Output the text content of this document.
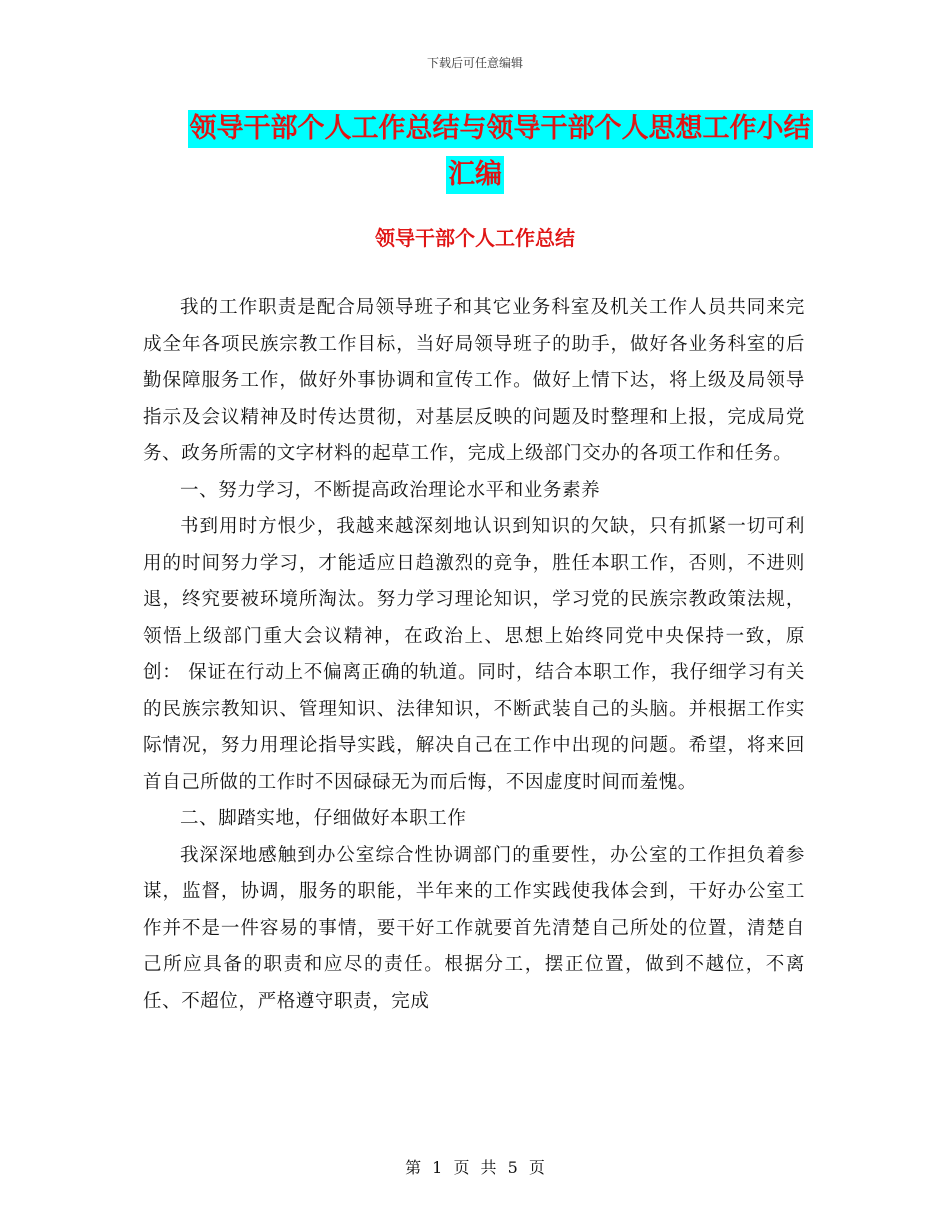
下载后可任意编辑
领导干部个人工作总结与领导干部个人思想工作小结
汇编
领导干部个人工作总结

我的工作职责是配合局领导班子和其它业务科室及机关工作人员共同来完成全年各项民族宗教工作目标，当好局领导班子的助手，做好各业务科室的后勤保障服务工作，做好外事协调和宣传工作。做好上情下达，将上级及局领导指示及会议精神及时传达贯彻，对基层反映的问题及时整理和上报，完成局党务、政务所需的文字材料的起草工作，完成上级部门交办的各项工作和任务。

一、努力学习，不断提高政治理论水平和业务素养

书到用时方恨少，我越来越深刻地认识到知识的欠缺，只有抓紧一切可利用的时间努力学习，才能适应日趋激烈的竞争，胜任本职工作，否则，不进则退，终究要被环境所淘汰。努力学习理论知识，学习党的民族宗教政策法规，领悟上级部门重大会议精神，在政治上、思想上始终同党中央保持一致，原创： 保证在行动上不偏离正确的轨道。同时，结合本职工作，我仔细学习有关的民族宗教知识、管理知识、法律知识，不断武装自己的头脑。并根据工作实际情况，努力用理论指导实践，解决自己在工作中出现的问题。希望，将来回首自己所做的工作时不因碌碌无为而后悔，不因虚度时间而羞愧。

二、脚踏实地，仔细做好本职工作

我深深地感触到办公室综合性协调部门的重要性，办公室的工作担负着参谋，监督，协调，服务的职能，半年来的工作实践使我体会到，干好办公室工作并不是一件容易的事情，要干好工作就要首先清楚自己所处的位置，清楚自己所应具备的职责和应尽的责任。根据分工，摆正位置，做到不越位，不离任、不超位，严格遵守职责，完成

第 1 页 共 5 页
